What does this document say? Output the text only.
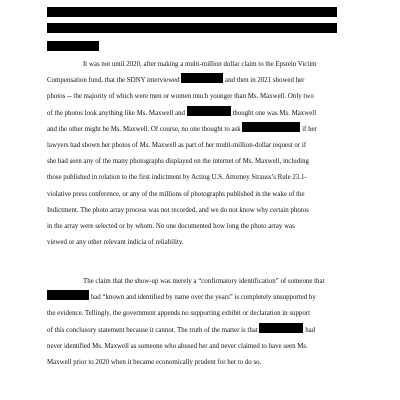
It was not until 2020, after making a multi-million dollar claim to the Epstein Victim
Compensation fund, that the SDNY interviewed	and then in 2021 showed her
photos -- the majority of which were men or women much younger than Ms. Maxwell. Only two
of the photos look anything like Ms. Maxwell and	thought one was Ms. Maxwell
and the other might be Ms. Maxwell. Of course, no one thought to ask	if her
lawyers had shown her photos of Ms. Maxwell as part of her multi-million-dollar request or if
she had seen any of the many photographs displayed on the internet of Ms. Maxwell, including
those published in relation to the first indictment by Acting U.S. Attorney Strauss’s Rule 23.1-
violative press conference, or any of the millions of photographs published in the wake of the
Indictment. The photo array process was not recorded, and we do not know why certain photos
in the array were selected or by whom. No one documented how long the photo array was
viewed or any other relevant indicia of reliability.
The claim that the show-up was merely a “confirmatory identification” of someone that
had “known and identified by name over the years” is completely unsupported by
the evidence. Tellingly, the government appends no supporting exhibit or declaration in support
of this conclusory statement because it cannot. The truth of the matter is that	had
never identified Ms. Maxwell as someone who abused her and never claimed to have seen Ms.
Maxwell prior to 2020 when it became economically prudent for her to do so.
